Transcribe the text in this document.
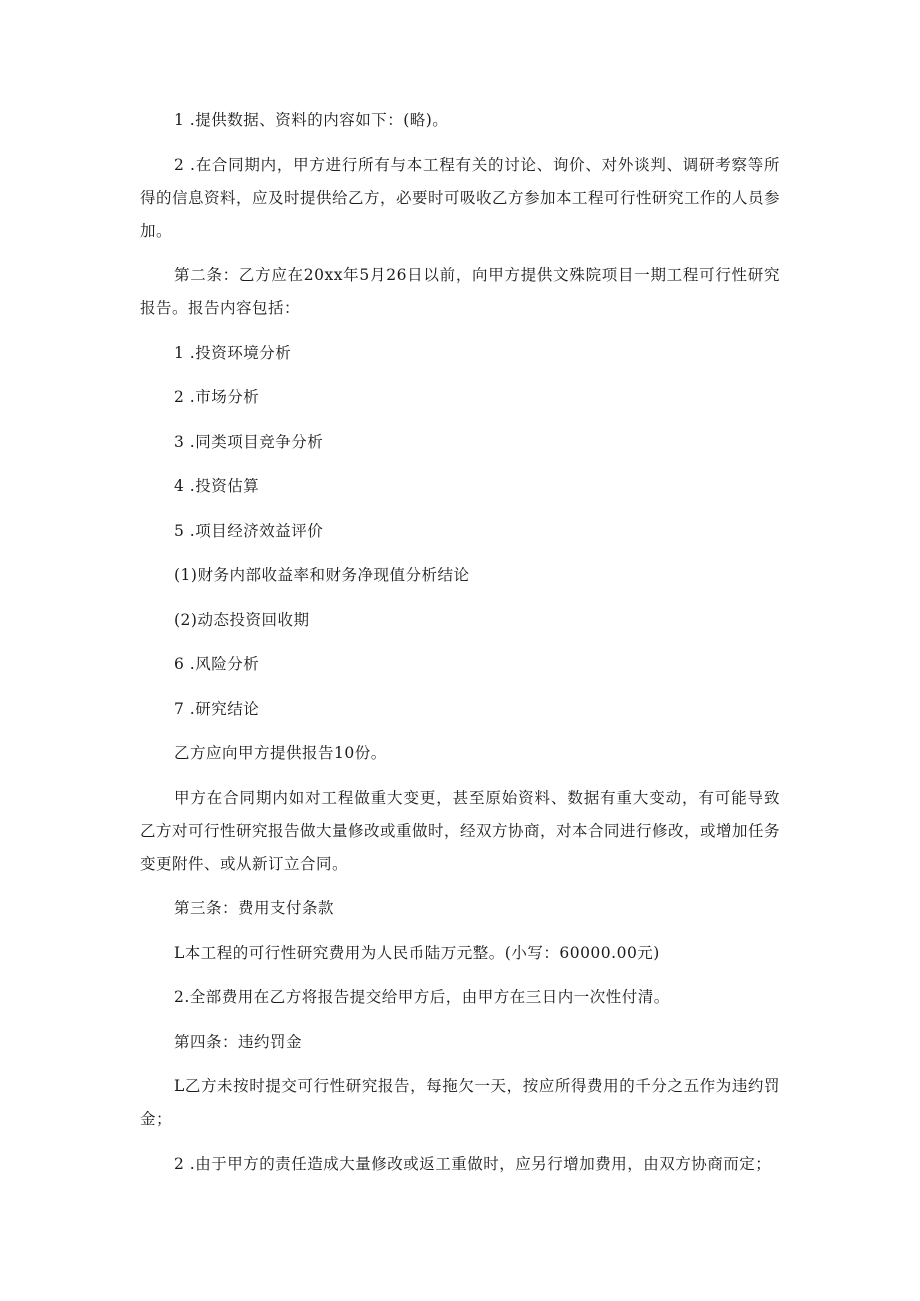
1 .提供数据、资料的内容如下：(略)。

2 .在合同期内，甲方进行所有与本工程有关的讨论、询价、对外谈判、调研考察等所得的信息资料，应及时提供给乙方，必要时可吸收乙方参加本工程可行性研究工作的人员参加。

第二条：乙方应在20xx年5月26日以前，向甲方提供文殊院项目一期工程可行性研究报告。报告内容包括：

1 .投资环境分析

2 .市场分析

3 .同类项目竞争分析

4 .投资估算

5 .项目经济效益评价

(1)财务内部收益率和财务净现值分析结论

(2)动态投资回收期

6 .风险分析

7 .研究结论

乙方应向甲方提供报告10份。

甲方在合同期内如对工程做重大变更，甚至原始资料、数据有重大变动，有可能导致乙方对可行性研究报告做大量修改或重做时，经双方协商，对本合同进行修改，或增加任务变更附件、或从新订立合同。

第三条：费用支付条款

L本工程的可行性研究费用为人民币陆万元整。(小写：60000.00元)

2.全部费用在乙方将报告提交给甲方后，由甲方在三日内一次性付清。

第四条：违约罚金

L乙方未按时提交可行性研究报告，每拖欠一天，按应所得费用的千分之五作为违约罚金；

2 .由于甲方的责任造成大量修改或返工重做时，应另行增加费用，由双方协商而定；
